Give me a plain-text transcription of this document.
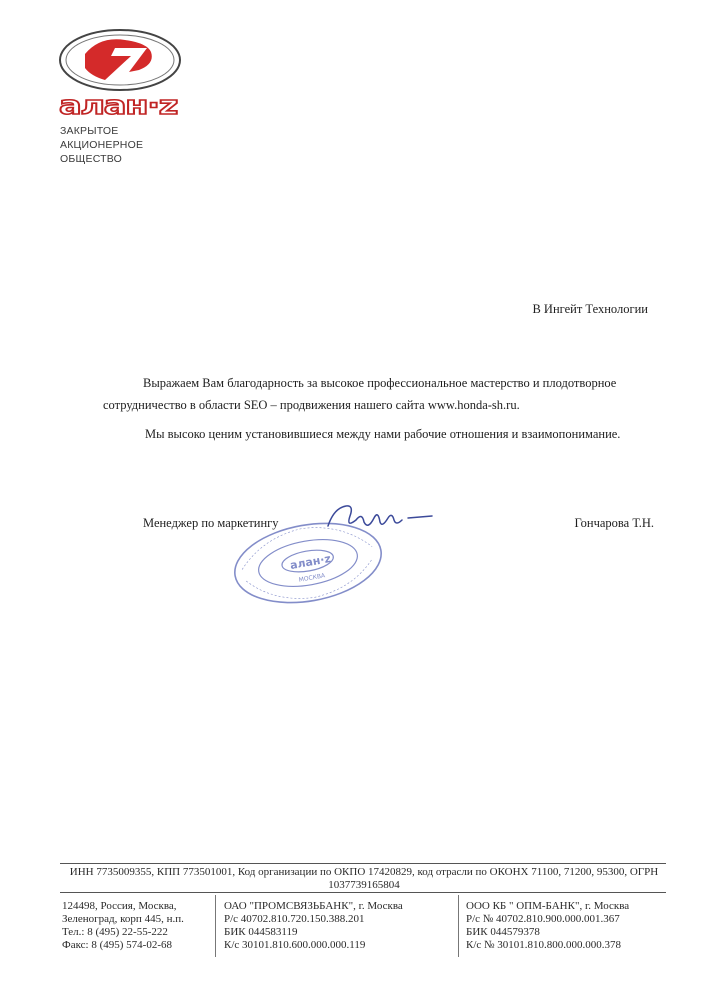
алан·z
ЗАКРЫТОЕ
АКЦИОНЕРНОЕ
ОБЩЕСТВО
В Ингейт Технологии
Выражаем Вам благодарность за высокое профессиональное мастерство и плодотворное
сотрудничество в области SEO – продвижения нашего сайта www.honda-sh.ru.
Мы высоко ценим установившиеся между нами рабочие отношения и взаимопонимание.
алан·z
МОСКВА
Менеджер по маркетингу	Гончарова Т.Н.
ИНН 7735009355, КПП 773501001, Код организации по ОКПО 17420829, код отрасли по ОКОНХ 71100, 71200, 95300, ОГРН 1037739165804
124498, Россия, Москва,
Зеленоград, корп 445, н.п.
Тел.: 8 (495) 22-55-222
Факс: 8 (495) 574-02-68
ОАО "ПРОМСВЯЗЬБАНК", г. Москва
Р/с 40702.810.720.150.388.201
БИК 044583119
К/с 30101.810.600.000.000.119
ООО КБ " ОПМ-БАНК", г. Москва
Р/с № 40702.810.900.000.001.367
БИК 044579378
К/с № 30101.810.800.000.000.378
